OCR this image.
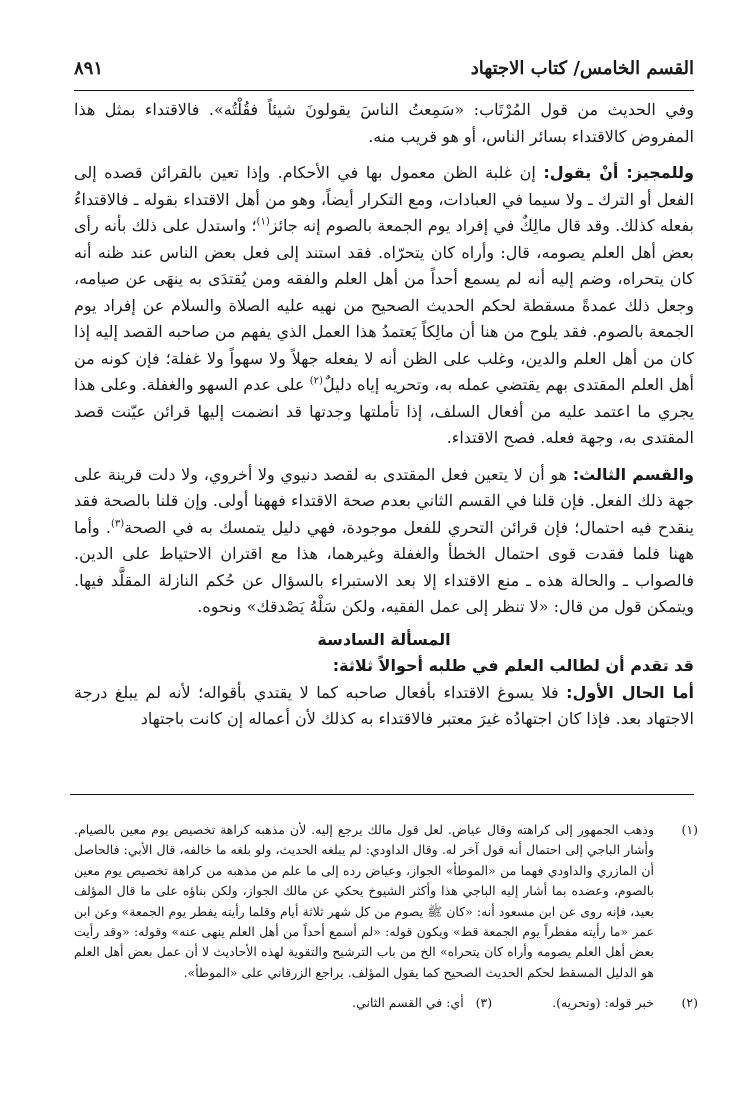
القسم الخامس/ كتاب الاجتهاد
٨٩١

وفي الحديث من قول المُرْتَاب: «سَمِعتُ الناسَ يقولونَ شيئاً فقُلْتُه». فالاقتداء بمثل هذا المفروض كالاقتداء بسائر الناس، أو هو قريب منه.

وللمجيز: أنْ يقول: إن غلبة الظن معمول بها في الأحكام. وإذا تعين بالقرائن قصده إلى الفعل أو الترك ـ ولا سيما في العبادات، ومع التكرار أيضاً، وهو من أهل الاقتداء بقوله ـ فالاقتداءُ بفعله كذلك. وقد قال مالِكٌ في إفراد يوم الجمعة بالصوم إنه جائز$^{(١)}$؛ واستدل على ذلك بأنه رأى بعض أهل العلم يصومه، قال: وأراه كان يتحرّاه. فقد استند إلى فعل بعض الناس عند ظنه أنه كان يتحراه، وضم إليه أنه لم يسمع أحداً من أهل العلم والفقه ومن يُقتدَى به ينهَى عن صيامه، وجعل ذلك عمدةً مسقطة لحكم الحديث الصحيح من نهيه عليه الصلاة والسلام عن إفراد يوم الجمعة بالصوم. فقد يلوح من هنا أن مالِكاً يَعتمدُ هذا العمل الذي يفهم من صاحبه القصد إليه إذا كان من أهل العلم والدين، وغلب على الظن أنه لا يفعله جهلاً ولا سهواً ولا غفلة؛ فإن كونه من أهل العلم المقتدى بهم يقتضي عمله به، وتحريه إياه دليلٌ$^{(٢)}$ على عدم السهو والغفلة. وعلى هذا يجري ما اعتمد عليه من أفعال السلف، إذا تأملتها وجدتها قد انضمت إليها قرائن عيّنت قصد المقتدى به، وجهة فعله. فصح الاقتداء.

والقسم الثالث: هو أن لا يتعين فعل المقتدى به لقصد دنيوي ولا أخروي، ولا دلت قرينة على جهة ذلك الفعل. فإن قلنا في القسم الثاني بعدم صحة الاقتداء فههنا أولى. وإن قلنا بالصحة فقد ينقدح فيه احتمال؛ فإن قرائن التحري للفعل موجودة، فهي دليل يتمسك به في الصحة$^{(٣)}$. وأما ههنا فلما فقدت قوى احتمال الخطأ والغفلة وغيرهما، هذا مع اقتران الاحتياط على الدين. فالصواب ـ والحالة هذه ـ منع الاقتداء إلا بعد الاستبراء بالسؤال عن حُكم النازلة المقلَّد فيها. ويتمكن قول من قال: «لا تنظر إلى عمل الفقيه، ولكن سَلْهُ يَصْدقك» ونحوه.

المسألة السادسة

قد تقدم أن لطالب العلم في طلبه أحوالاً ثلاثة:

أما الحال الأول: فلا يسوغ الاقتداء بأفعال صاحبه كما لا يقتدي بأقواله؛ لأنه لم يبلغ درجة الاجتهاد بعد. فإذا كان اجتهادُه غيرَ معتبر فالاقتداء به كذلك لأن أعماله إن كانت باجتهاد

(١)
وذهب الجمهور إلى كراهته وقال عياض. لعل قول مالك يرجع إليه. لأن مذهبه كراهة تخصيص يوم معين بالصيام. وأشار الباجي إلى احتمال أنه قول آخر له. وقال الداودي: لم يبلغه الحديث، ولو بلغه ما خالفه، قال الأبي: فالحاصل أن المازري والداودي فهما من «الموطأ» الجواز، وعياض رده إلى ما علم من مذهبه من كراهة تخصيص يوم معين بالصوم، وعضده بما أشار إليه الباجي هذا وأكثر الشيوخ يحكي عن مالك الجواز، ولكن بناؤه على ما قال المؤلف بعيد، فإنه روى عن ابن مسعود أنه: «كان ﷺ يصوم من كل شهر ثلاثة أيام وقلما رأيته يفطر يوم الجمعة» وعن ابن عمر «ما رأيته مفطراً يوم الجمعة قط» ويكون قوله: «لم أسمع أحداً من أهل العلم ينهى عنه» وقوله: «وقد رأيت بعض أهل العلم يصومه وأراه كان يتحراه» الخ من باب الترشيح والتقوية لهذه الأحاديث لا أن عمل بعض أهل العلم هو الدليل المسقط لحكم الحديث الصحيح كما يقول المؤلف. يراجع الزرقاني على «الموطأ».
(٢)
خبر قوله: (وتحريه).
(٣)   أي: في القسم الثاني.
